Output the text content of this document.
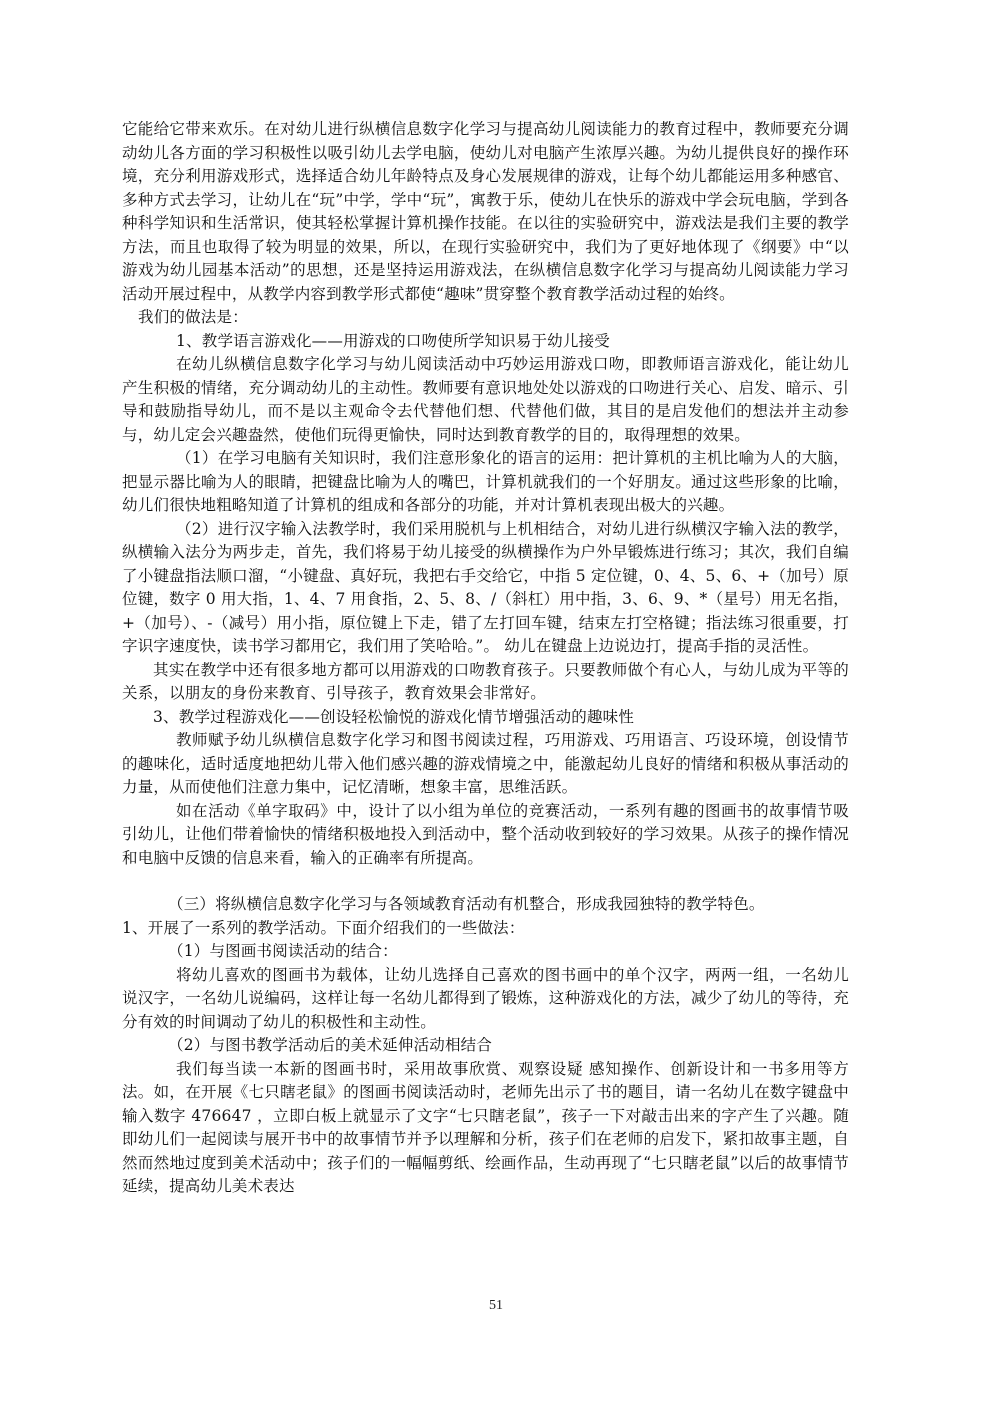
它能给它带来欢乐。在对幼儿进行纵横信息数字化学习与提高幼儿阅读能力的教育过程中，教师要充分调动幼儿各方面的学习积极性以吸引幼儿去学电脑，使幼儿对电脑产生浓厚兴趣。为幼儿提供良好的操作环境，充分利用游戏形式，选择适合幼儿年龄特点及身心发展规律的游戏，让每个幼儿都能运用多种感官、多种方式去学习，让幼儿在“玩”中学，学中“玩”，寓教于乐，使幼儿在快乐的游戏中学会玩电脑，学到各种科学知识和生活常识，使其轻松掌握计算机操作技能。在以往的实验研究中，游戏法是我们主要的教学方法，而且也取得了较为明显的效果，所以，在现行实验研究中，我们为了更好地体现了《纲要》中“以游戏为幼儿园基本活动”的思想，还是坚持运用游戏法，在纵横信息数字化学习与提高幼儿阅读能力学习活动开展过程中，从教学内容到教学形式都使“趣味”贯穿整个教育教学活动过程的始终。

我们的做法是：

1、教学语言游戏化——用游戏的口吻使所学知识易于幼儿接受

在幼儿纵横信息数字化学习与幼儿阅读活动中巧妙运用游戏口吻，即教师语言游戏化，能让幼儿产生积极的情绪，充分调动幼儿的主动性。教师要有意识地处处以游戏的口吻进行关心、启发、暗示、引导和鼓励指导幼儿，而不是以主观命令去代替他们想、代替他们做，其目的是启发他们的想法并主动参与，幼儿定会兴趣盎然，使他们玩得更愉快，同时达到教育教学的目的，取得理想的效果。

（1）在学习电脑有关知识时，我们注意形象化的语言的运用：把计算机的主机比喻为人的大脑，把显示器比喻为人的眼睛，把键盘比喻为人的嘴巴，计算机就我们的一个好朋友。通过这些形象的比喻，幼儿们很快地粗略知道了计算机的组成和各部分的功能，并对计算机表现出极大的兴趣。

（2）进行汉字输入法教学时，我们采用脱机与上机相结合，对幼儿进行纵横汉字输入法的教学，纵横输入法分为两步走，首先，我们将易于幼儿接受的纵横操作为户外早锻炼进行练习；其次，我们自编了小键盘指法顺口溜，“小键盘、真好玩，我把右手交给它，中指 5 定位键，0、4、5、6、+（加号）原位键，数字 0 用大指，1、4、7 用食指，2、5、8、/（斜杠）用中指，3、6、9、*（星号）用无名指，+（加号）、-（减号）用小指，原位键上下走，错了左打回车键，结束左打空格键；指法练习很重要，打字识字速度快，读书学习都用它，我们用了笑哈哈。”。 幼儿在键盘上边说边打，提高手指的灵活性。

其实在教学中还有很多地方都可以用游戏的口吻教育孩子。只要教师做个有心人，与幼儿成为平等的关系，以朋友的身份来教育、引导孩子，教育效果会非常好。

3、教学过程游戏化——创设轻松愉悦的游戏化情节增强活动的趣味性

教师赋予幼儿纵横信息数字化学习和图书阅读过程，巧用游戏、巧用语言、巧设环境，创设情节的趣味化，适时适度地把幼儿带入他们感兴趣的游戏情境之中，能激起幼儿良好的情绪和积极从事活动的力量，从而使他们注意力集中，记忆清晰，想象丰富，思维活跃。

如在活动《单字取码》中，设计了以小组为单位的竞赛活动，一系列有趣的图画书的故事情节吸引幼儿，让他们带着愉快的情绪积极地投入到活动中，整个活动收到较好的学习效果。从孩子的操作情况和电脑中反馈的信息来看，输入的正确率有所提高。

（三）将纵横信息数字化学习与各领域教育活动有机整合，形成我园独特的教学特色。

1、开展了一系列的教学活动。下面介绍我们的一些做法：

（1）与图画书阅读活动的结合：

将幼儿喜欢的图画书为载体，让幼儿选择自己喜欢的图书画中的单个汉字，两两一组，一名幼儿说汉字，一名幼儿说编码，这样让每一名幼儿都得到了锻炼，这种游戏化的方法，减少了幼儿的等待，充分有效的时间调动了幼儿的积极性和主动性。

（2）与图书教学活动后的美术延伸活动相结合

我们每当读一本新的图画书时，采用故事欣赏、观察设疑 感知操作、创新设计和一书多用等方法。如，在开展《七只瞎老鼠》的图画书阅读活动时，老师先出示了书的题目，请一名幼儿在数字键盘中输入数字 476647 ，立即白板上就显示了文字“七只瞎老鼠”，孩子一下对敲击出来的字产生了兴趣。随即幼儿们一起阅读与展开书中的故事情节并予以理解和分析，孩子们在老师的启发下，紧扣故事主题，自然而然地过度到美术活动中；孩子们的一幅幅剪纸、绘画作品，生动再现了“七只瞎老鼠”以后的故事情节延续，提高幼儿美术表达

51
